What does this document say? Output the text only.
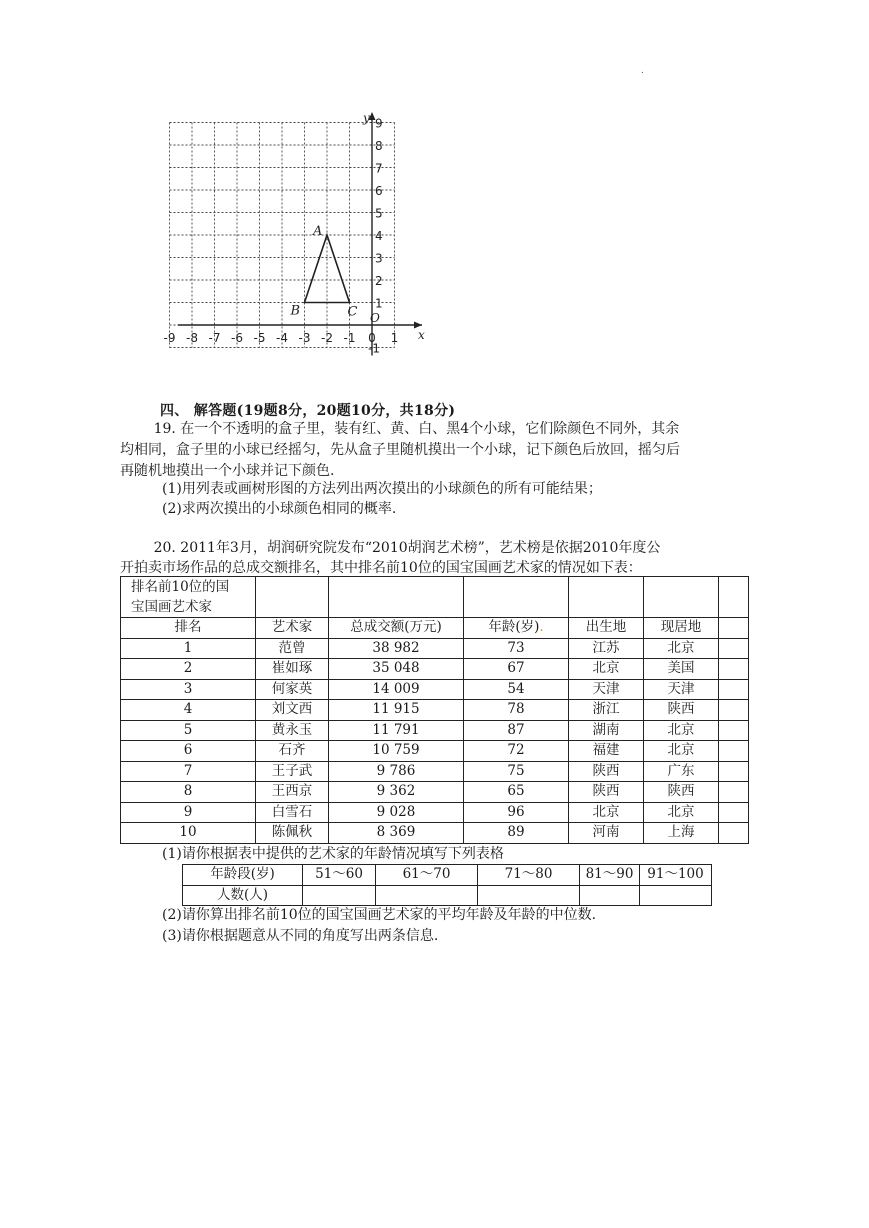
.
x
y
O
-9 -8 -7 -6 -5 -4 -3 -2 -1 0 1
9
8
7
6
5
4
3
2
1
-1
A
B	C
四、 解答题(19题8分，20题10分，共18分)

19. 在一个不透明的盒子里，装有红、黄、白、黑4个小球，它们除颜色不同外，其余

均相同，盒子里的小球已经摇匀，先从盒子里随机摸出一个小球，记下颜色后放回，摇匀后

再随机地摸出一个小球并记下颜色.

(1)用列表或画树形图的方法列出两次摸出的小球颜色的所有可能结果；
(2)求两次摸出的小球颜色相同的概率.

20. 2011年3月，胡润研究院发布“2010胡润艺术榜”，艺术榜是依据2010年度公

开拍卖市场作品的总成交额排名，其中排名前10位的国宝国画艺术家的情况如下表：

排名前10位的国
宝国画艺术家						
排名	艺术家	总成交额(万元)	年龄(岁).	出生地	现居地	
1	范曾	38 982	73	江苏	北京	
2	崔如琢	35 048	67	北京	美国	
3	何家英	14 009	54	天津	天津	
4	刘文西	11 915	78	浙江	陕西	
5	黄永玉	11 791	87	湖南	北京	
6	石齐	10 759	72	福建	北京	
7	王子武	9 786	75	陕西	广东	
8	王西京	9 362	65	陕西	陕西	
9	白雪石	9 028	96	北京	北京	
10	陈佩秋	8 369	89	河南	上海	
(1)请你根据表中提供的艺术家的年龄情况填写下列表格
年龄段(岁)	51～60	61～70	71～80	81～90	91～100
人数(人)					
(2)请你算出排名前10位的国宝国画艺术家的平均年龄及年龄的中位数.
(3)请你根据题意从不同的角度写出两条信息.
